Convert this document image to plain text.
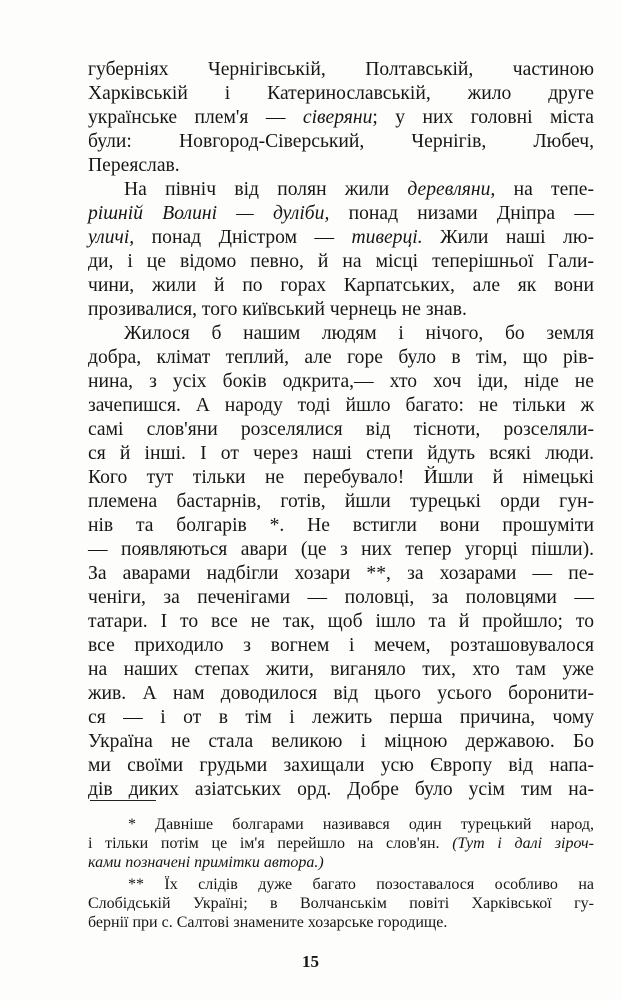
губерніях Чернігівській, Полтавській, частиною
Харківській і Катеринославській, жило друге
українське плем'я — сіверяни; у них головні міста
були: Новгород-Сіверський, Чернігів, Любеч,
Переяслав.
На північ від полян жили деревляни, на тепе-
рішній Волині — дуліби, понад низами Дніпра —
уличі, понад Дністром — тиверці. Жили наші лю-
ди, і це відомо певно, й на місці теперішньої Гали-
чини, жили й по горах Карпатських, але як вони
прозивалися, того київський чернець не знав.
Жилося б нашим людям і нічого, бо земля
добра, клімат теплий, але горе було в тім, що рів-
нина, з усіх боків одкрита,— хто хоч іди, ніде не
зачепишся. А народу тоді йшло багато: не тільки ж
самі слов'яни розселялися від тісноти, розселяли-
ся й інші. І от через наші степи йдуть всякі люди.
Кого тут тільки не перебувало! Йшли й німецькі
племена бастарнів, готів, йшли турецькі орди гун-
нів та болгарів *. Не встигли вони прошуміти
— появляються авари (це з них тепер угорці пішли).
За аварами надбігли хозари **, за хозарами — пе-
ченіги, за печенігами — половці, за половцями —
татари. І то все не так, щоб ішло та й пройшло; то
все приходило з вогнем і мечем, розташовувалося
на наших степах жити, виганяло тих, хто там уже
жив. А нам доводилося від цього усього боронити-
ся — і от в тім і лежить перша причина, чому
Україна не стала великою і міцною державою. Бо
ми своїми грудьми захищали усю Європу від напа-
дів диких азіатських орд. Добре було усім тим на-
* Давніше болгарами називався один турецький народ,
і тільки потім це ім'я перейшло на слов'ян. (Тут і далі зіроч-
ками позначені примітки автора.)
** Їх слідів дуже багато позоставалося особливо на
Слобідській Україні; в Волчанськім повіті Харківської гу-
бернії при с. Салтові знамените хозарське городище.
15
